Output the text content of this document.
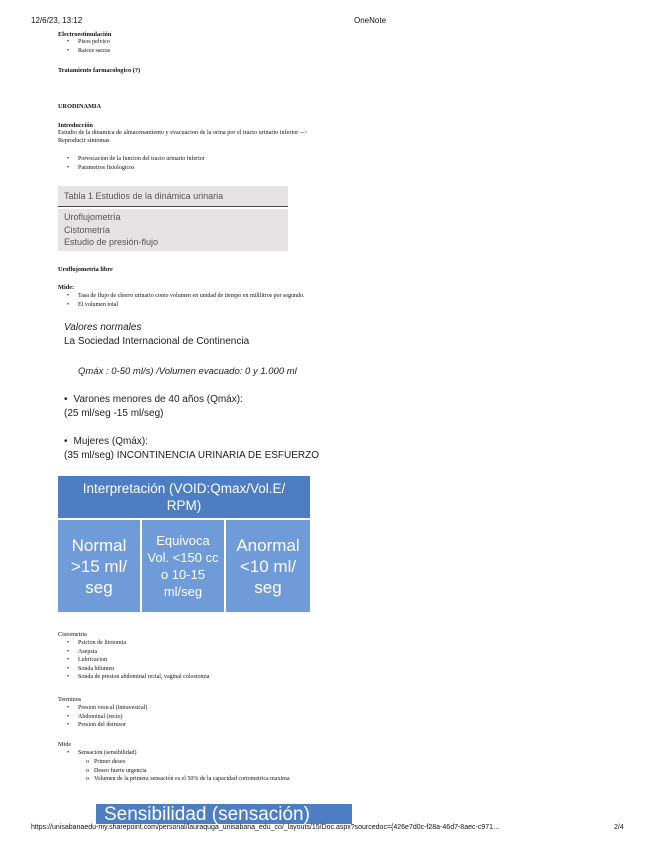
12/6/23, 13:12	OneNote
Electroestimulación
• Pisos pelvico
• Raices sacras
Tratamiento farmacologico (?)
URODINAMIA
Introducción
Estudio de la dinamica de almacenamiento y evacuacion de la orina por el tracto urinario inferior -->
Reproducir sintomas
• Porvocacion de la funcion del tracto urinario inferior
• Parametros fisiologicos
Tabla 1 Estudios de la dinámica urinaria
Uroflujometría
Cistometría
Estudio de presión-flujo
Uroflujometria libre
Mide:
• Tasa de flujo de chorro urinario como volumen en unidad de tiempo en mililitros por segundo.
• El volumen total
Valores normales
La Sociedad Internacional de Continencia
Qmáx : 0-50 ml/s) /Volumen evacuado: 0 y 1.000 ml
• Varones menores de 40 años (Qmáx):
(25 ml/seg -15 ml/seg)
• Mujeres (Qmáx):
(35 ml/seg) INCONTINENCIA URINARIA DE ESFUERZO
Interpretación (VOID:Qmax/Vol.E/ RPM)
Normal >15 ml/ seg
Equivoca Vol. <150 cc o 10-15 ml/seg
Anormal <10 ml/ seg
Cistometria
• Psicion de litotomia
• Asepsia
• Lubricacion
• Sonda bilumen
• Sonda de presion abdominal rectal, vaginal colostomia
Terminos
• Presion vesical (intravesical)
• Abdominal (recto)
• Presion del detrusor
Mide
• Sensacion (sensibilidad)
o Primer deseo
o Deseo fuerte urgencia
o Volumen de la primera sensación es el 50% de la capacidad cortometrica maxima
Sensibilidad (sensación)
https://unisabanaedu-my.sharepoint.com/personal/lauraquga_unisabana_edu_co/_layouts/15/Doc.aspx?sourcedoc={426e7d0c-f28a-46d7-8aec-c971…	2/4
